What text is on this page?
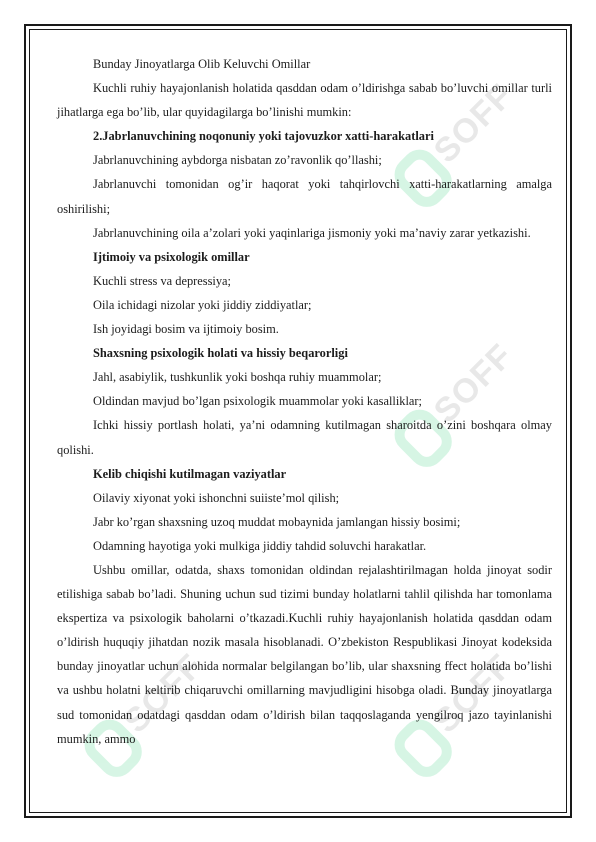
SOFF
SOFF
SOFF	SOFF

Bunday Jinoyatlarga Olib Keluvchi Omillar

Kuchli ruhiy hayajonlanish holatida qasddan odam o’ldirishga sabab bo’luvchi omillar turli jihatlarga ega bo’lib, ular quyidagilarga bo’linishi mumkin:

2.Jabrlanuvchining noqonuniy yoki tajovuzkor xatti-harakatlari

Jabrlanuvchining aybdorga nisbatan zo’ravonlik qo’llashi;

Jabrlanuvchi tomonidan og’ir haqorat yoki tahqirlovchi xatti-harakatlarning amalga oshirilishi;

Jabrlanuvchining oila a’zolari yoki yaqinlariga jismoniy yoki ma’naviy zarar yetkazishi.

Ijtimoiy va psixologik omillar

Kuchli stress va depressiya;

Oila ichidagi nizolar yoki jiddiy ziddiyatlar;

Ish joyidagi bosim va ijtimoiy bosim.

Shaxsning psixologik holati va hissiy beqarorligi

Jahl, asabiylik, tushkunlik yoki boshqa ruhiy muammolar;

Oldindan mavjud bo’lgan psixologik muammolar yoki kasalliklar;

Ichki hissiy portlash holati, ya’ni odamning kutilmagan sharoitda o’zini boshqara olmay qolishi.

Kelib chiqishi kutilmagan vaziyatlar

Oilaviy xiyonat yoki ishonchni suiiste’mol qilish;

Jabr ko’rgan shaxsning uzoq muddat mobaynida jamlangan hissiy bosimi;

Odamning hayotiga yoki mulkiga jiddiy tahdid soluvchi harakatlar.

Ushbu omillar, odatda, shaxs tomonidan oldindan rejalashtirilmagan holda jinoyat sodir etilishiga sabab bo’ladi. Shuning uchun sud tizimi bunday holatlarni tahlil qilishda har tomonlama ekspertiza va psixologik baholarni o’tkazadi.Kuchli ruhiy hayajonlanish holatida qasddan odam o’ldirish huquqiy jihatdan nozik masala hisoblanadi. O’zbekiston Respublikasi Jinoyat kodeksida bunday jinoyatlar uchun alohida normalar belgilangan bo’lib, ular shaxsning ffect holatida bo’lishi va ushbu holatni keltirib chiqaruvchi omillarning mavjudligini hisobga oladi. Bunday jinoyatlarga sud tomonidan odatdagi qasddan odam o’ldirish bilan taqqoslaganda yengilroq jazo tayinlanishi mumkin, ammo
